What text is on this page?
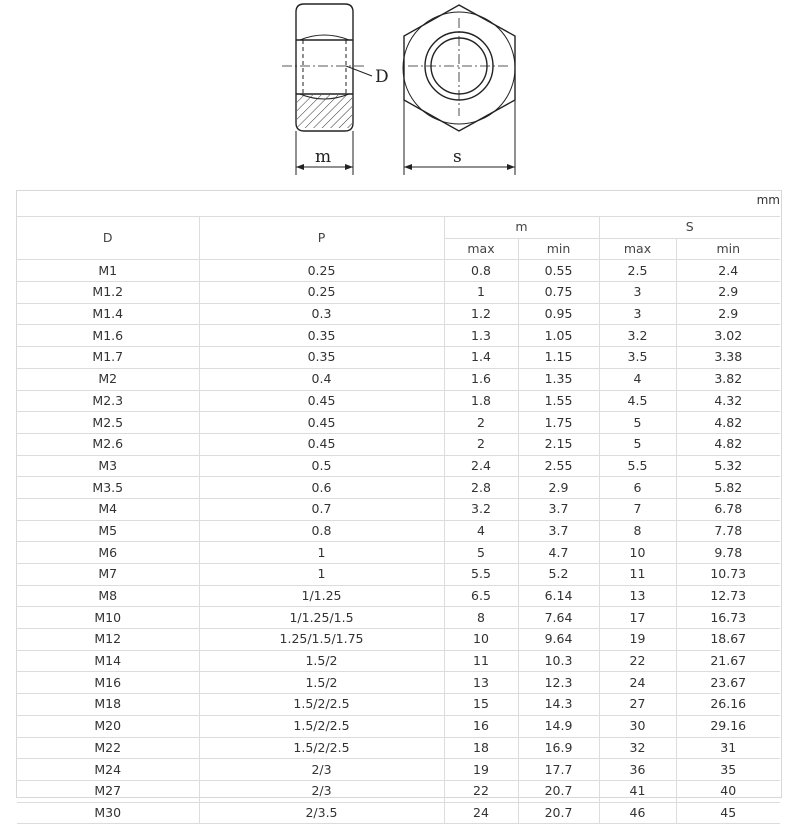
D
m	s
mm
D	P	m		S	
		max	min	max	min
M1	0.25	0.8	0.55	2.5	2.4
M1.2	0.25	1	0.75	3	2.9
M1.4	0.3	1.2	0.95	3	2.9
M1.6	0.35	1.3	1.05	3.2	3.02
M1.7	0.35	1.4	1.15	3.5	3.38
M2	0.4	1.6	1.35	4	3.82
M2.3	0.45	1.8	1.55	4.5	4.32
M2.5	0.45	2	1.75	5	4.82
M2.6	0.45	2	2.15	5	4.82
M3	0.5	2.4	2.55	5.5	5.32
M3.5	0.6	2.8	2.9	6	5.82
M4	0.7	3.2	3.7	7	6.78
M5	0.8	4	3.7	8	7.78
M6	1	5	4.7	10	9.78
M7	1	5.5	5.2	11	10.73
M8	1/1.25	6.5	6.14	13	12.73
M10	1/1.25/1.5	8	7.64	17	16.73
M12	1.25/1.5/1.75	10	9.64	19	18.67
M14	1.5/2	11	10.3	22	21.67
M16	1.5/2	13	12.3	24	23.67
M18	1.5/2/2.5	15	14.3	27	26.16
M20	1.5/2/2.5	16	14.9	30	29.16
M22	1.5/2/2.5	18	16.9	32	31
M24	2/3	19	17.7	36	35
M27	2/3	22	20.7	41	40
M30	2/3.5	24	20.7	46	45
